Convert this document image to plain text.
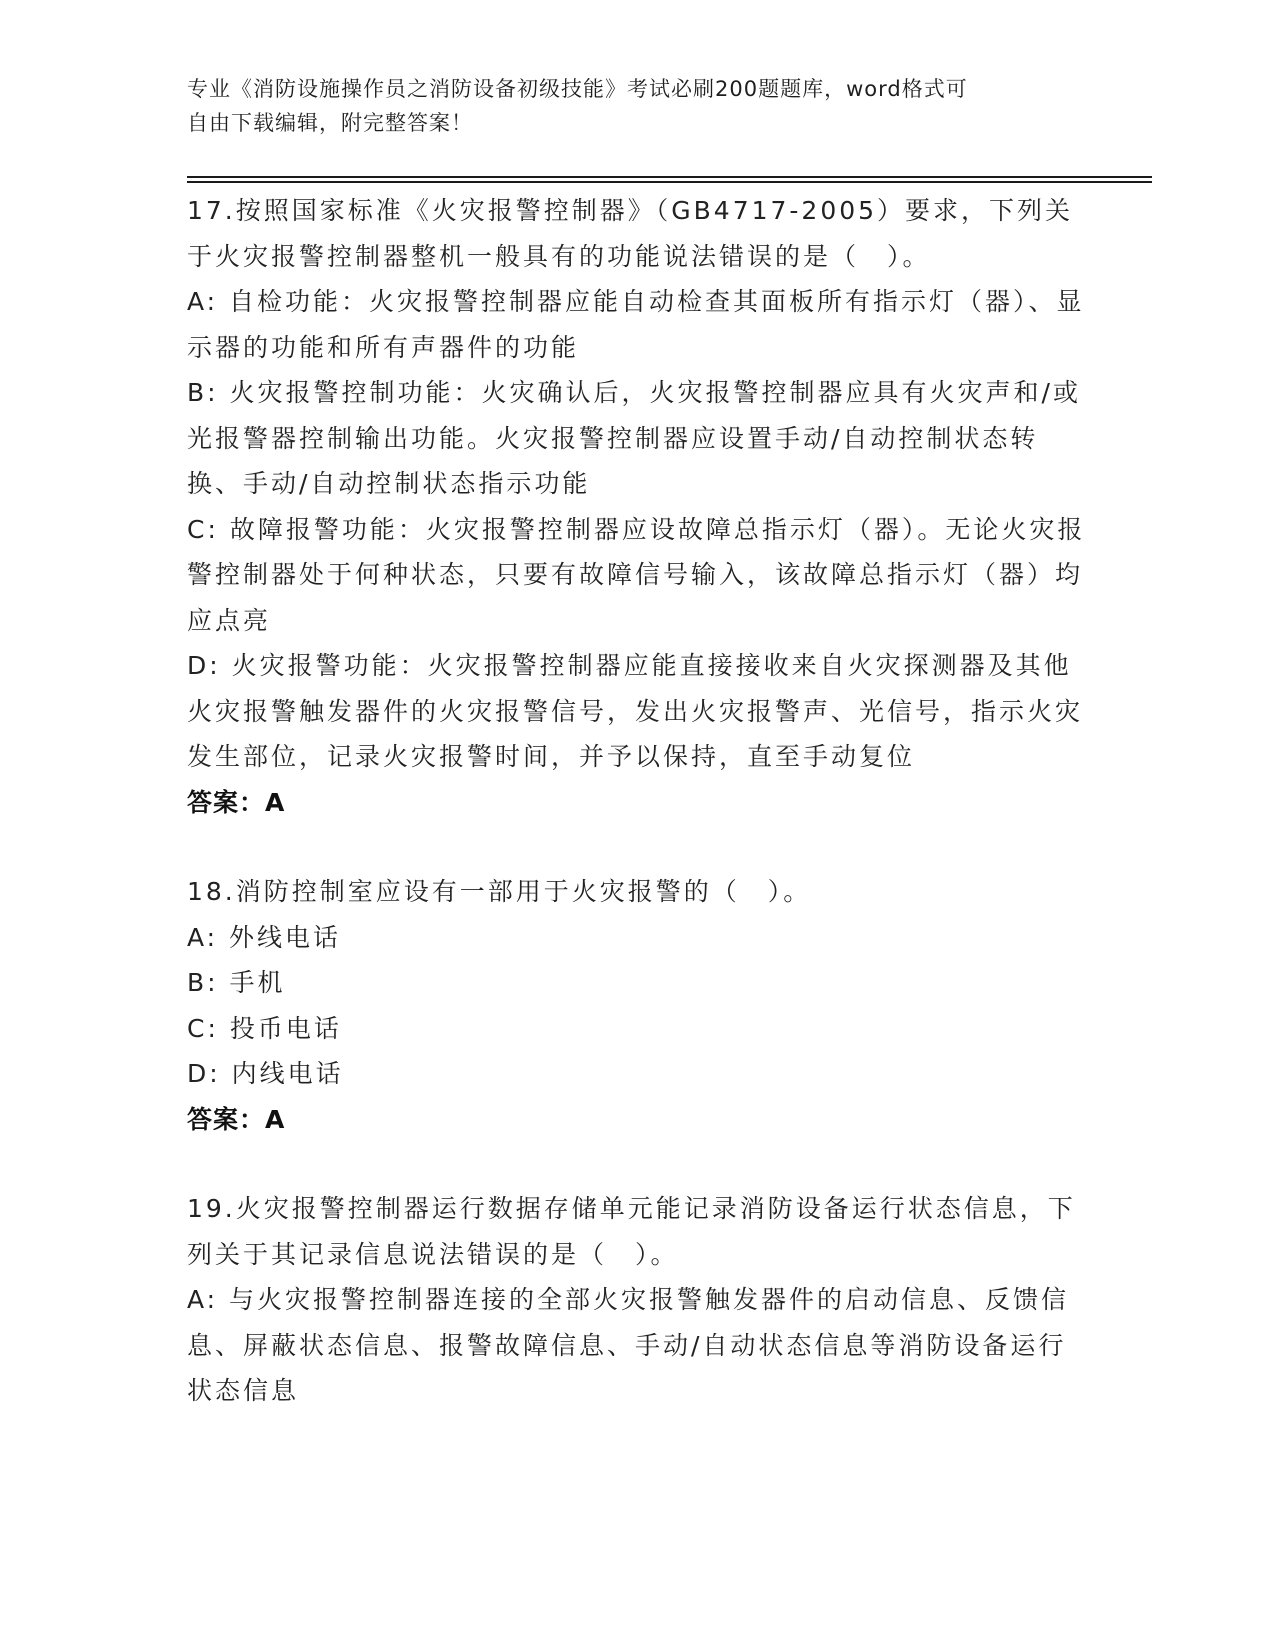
专业《消防设施操作员之消防设备初级技能》考试必刷200题题库，word格式可
自由下载编辑，附完整答案！

17.按照国家标准《火灾报警控制器》（GB4717-2005）要求，下列关于火灾报警控制器整机一般具有的功能说法错误的是（　）。

A: 自检功能：火灾报警控制器应能自动检查其面板所有指示灯（器）、显示器的功能和所有声器件的功能

B: 火灾报警控制功能：火灾确认后，火灾报警控制器应具有火灾声和/或光报警器控制输出功能。火灾报警控制器应设置手动/自动控制状态转换、手动/自动控制状态指示功能

C: 故障报警功能：火灾报警控制器应设故障总指示灯（器）。无论火灾报警控制器处于何种状态，只要有故障信号输入，该故障总指示灯（器）均应点亮

D: 火灾报警功能：火灾报警控制器应能直接接收来自火灾探测器及其他火灾报警触发器件的火灾报警信号，发出火灾报警声、光信号，指示火灾发生部位，记录火灾报警时间，并予以保持，直至手动复位

答案：A

18.消防控制室应设有一部用于火灾报警的（　）。

A: 外线电话

B: 手机

C: 投币电话

D: 内线电话

答案：A

19.火灾报警控制器运行数据存储单元能记录消防设备运行状态信息，下列关于其记录信息说法错误的是（　）。

A: 与火灾报警控制器连接的全部火灾报警触发器件的启动信息、反馈信息、屏蔽状态信息、报警故障信息、手动/自动状态信息等消防设备运行状态信息
